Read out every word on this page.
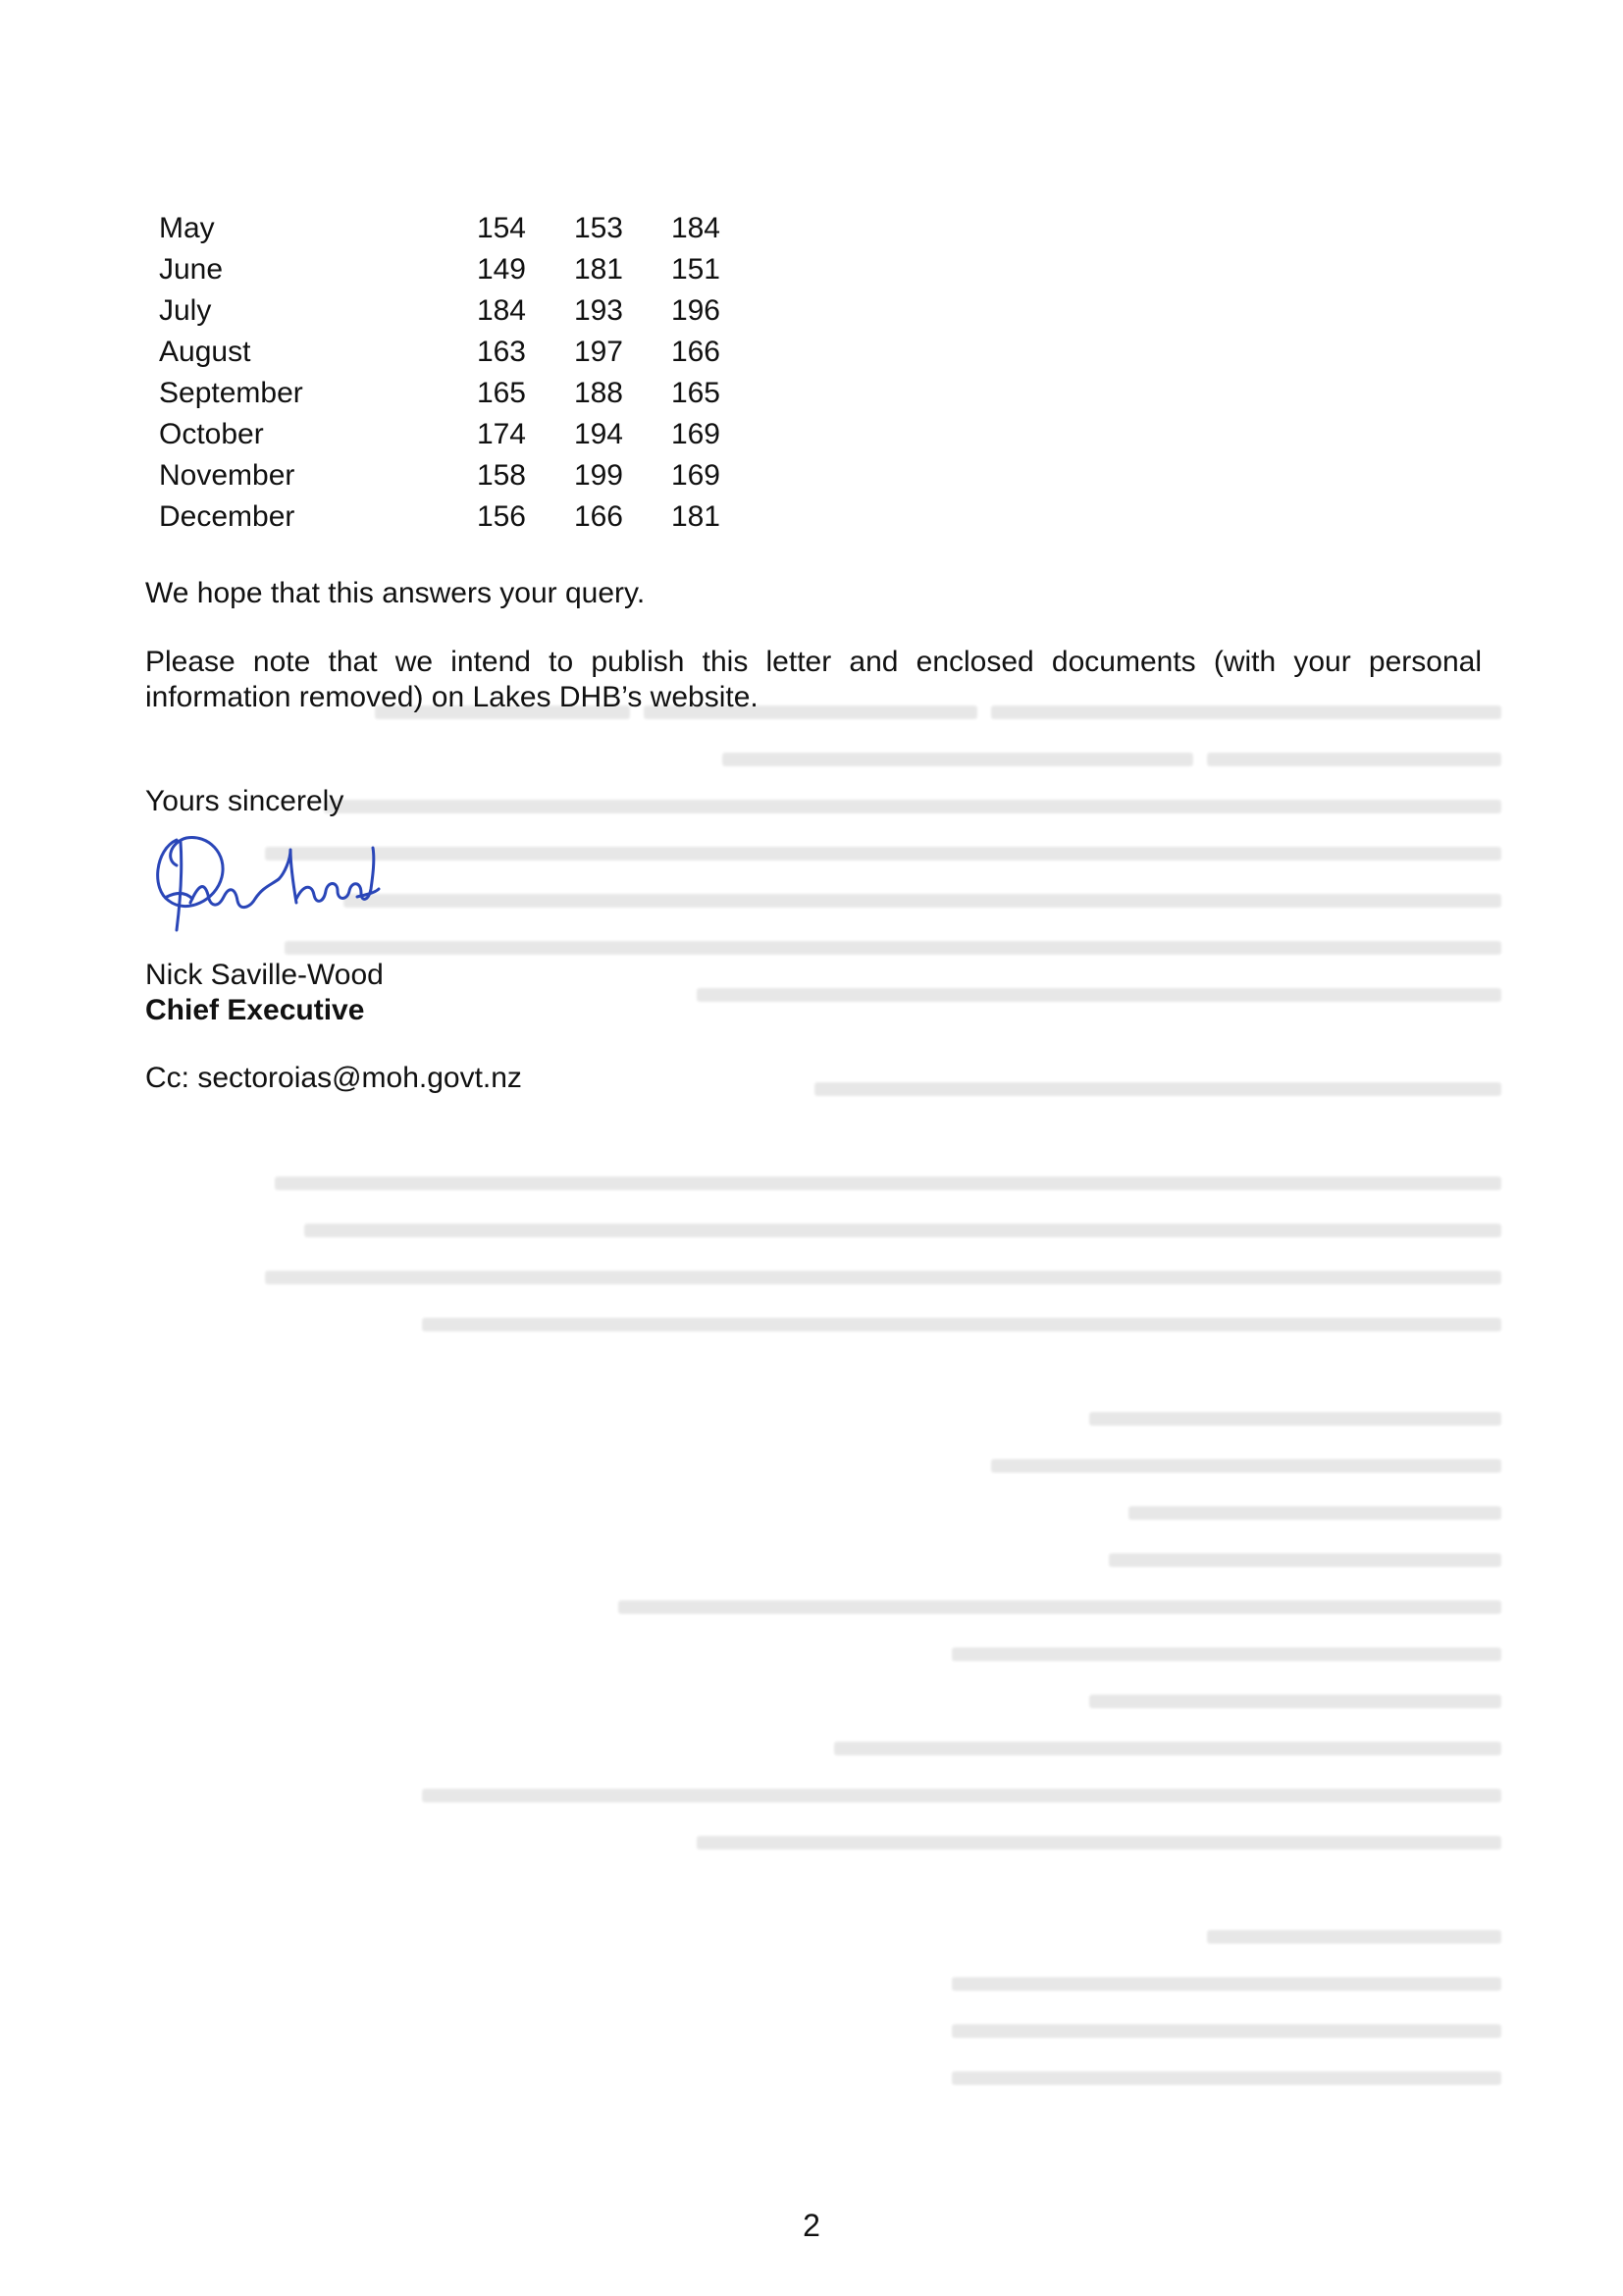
May	154	153	184
June	149	181	151
July	184	193	196
August	163	197	166
September	165	188	165
October	174	194	169
November	158	199	169
December	156	166	181

We hope that this answers your query.

Please note that we intend to publish this letter and enclosed documents (with your personal information removed) on Lakes DHB’s website.

Yours sincerely

Nick Saville-Wood
Chief Executive

Cc: sectoroias@moh.govt.nz

2
